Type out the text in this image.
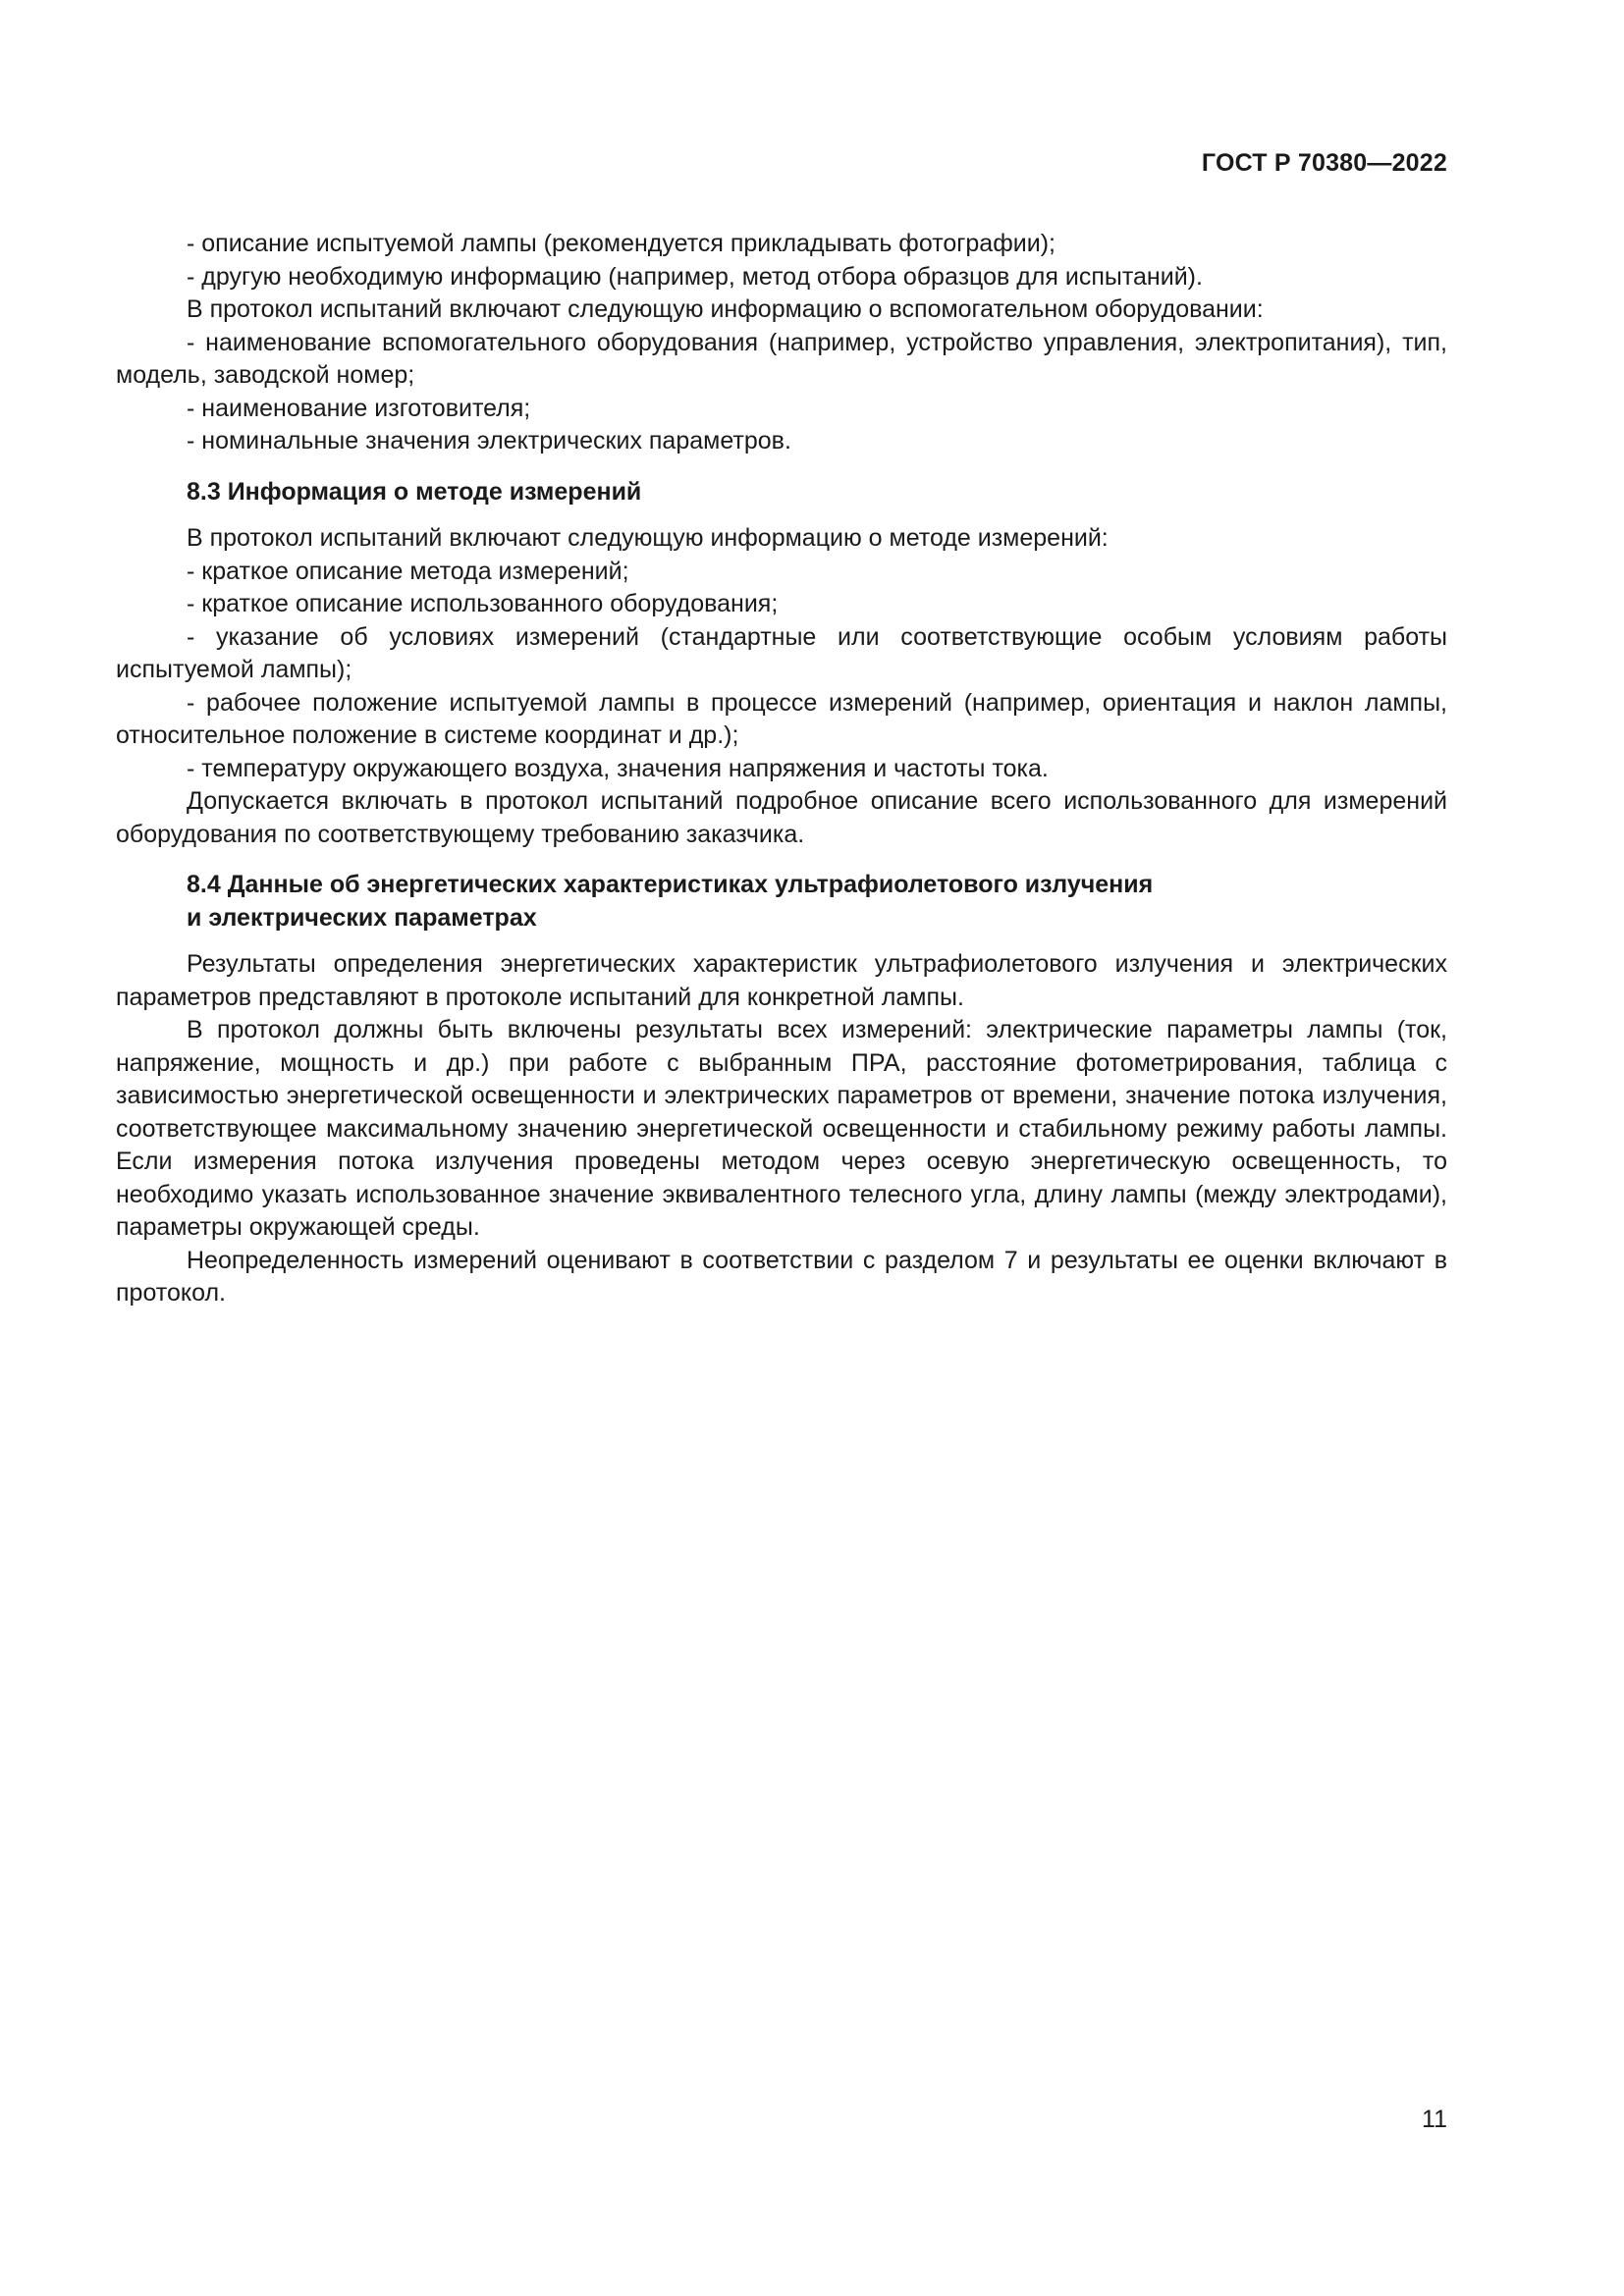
ГОСТ Р 70380—2022

- описание испытуемой лампы (рекомендуется прикладывать фотографии);

- другую необходимую информацию (например, метод отбора образцов для испытаний).

В протокол испытаний включают следующую информацию о вспомогательном оборудовании:

- наименование вспомогательного оборудования (например, устройство управления, электропитания), тип, модель, заводской номер;

- наименование изготовителя;

- номинальные значения электрических параметров.

8.3 Информация о методе измерений

В протокол испытаний включают следующую информацию о методе измерений:

- краткое описание метода измерений;

- краткое описание использованного оборудования;

- указание об условиях измерений (стандартные или соответствующие особым условиям работы испытуемой лампы);

- рабочее положение испытуемой лампы в процессе измерений (например, ориентация и наклон лампы, относительное положение в системе координат и др.);

- температуру окружающего воздуха, значения напряжения и частоты тока.

Допускается включать в протокол испытаний подробное описание всего использованного для измерений оборудования по соответствующему требованию заказчика.

8.4 Данные об энергетических характеристиках ультрафиолетового излучения
и электрических параметрах

Результаты определения энергетических характеристик ультрафиолетового излучения и электрических параметров представляют в протоколе испытаний для конкретной лампы.

В протокол должны быть включены результаты всех измерений: электрические параметры лампы (ток, напряжение, мощность и др.) при работе с выбранным ПРА, расстояние фотометрирования, таблица с зависимостью энергетической освещенности и электрических параметров от времени, значение потока излучения, соответствующее максимальному значению энергетической освещенности и стабильному режиму работы лампы. Если измерения потока излучения проведены методом через осевую энергетическую освещенность, то необходимо указать использованное значение эквивалентного телесного угла, длину лампы (между электродами), параметры окружающей среды.

Неопределенность измерений оценивают в соответствии с разделом 7 и результаты ее оценки включают в протокол.

11
